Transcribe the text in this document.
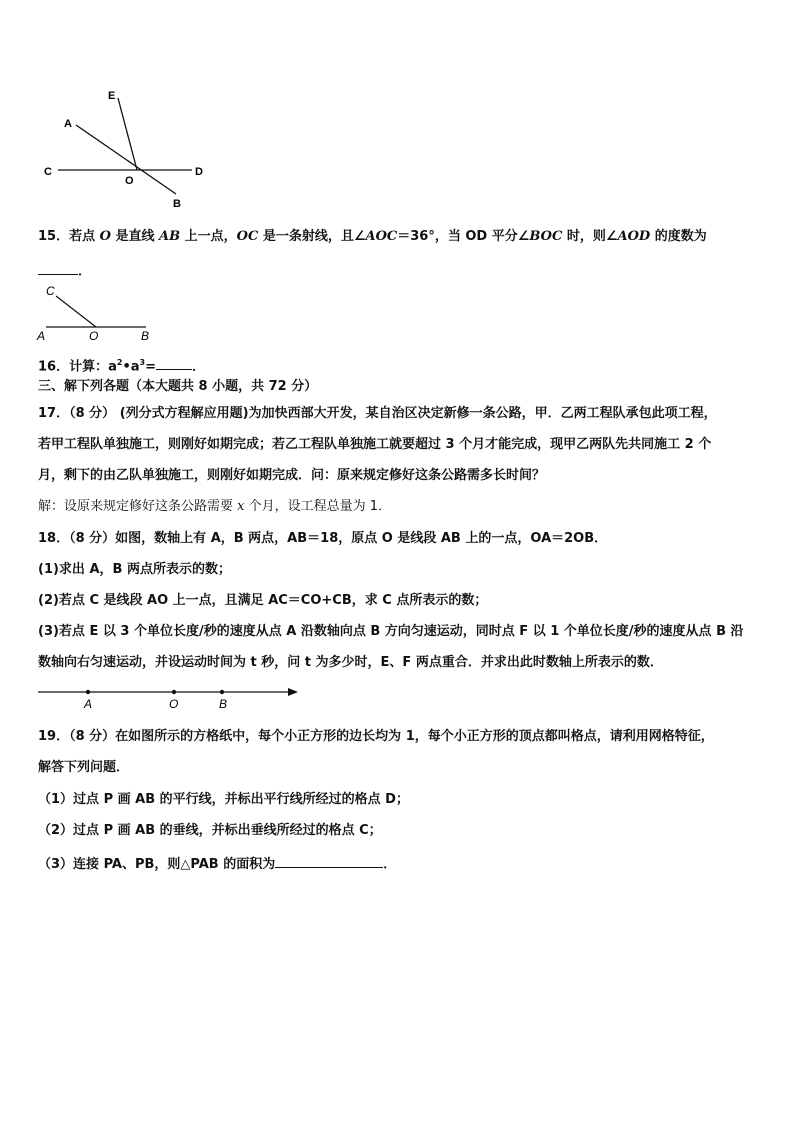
E
A
C
O
D
B
15．若点 O 是直线 AB 上一点，OC 是一条射线，且∠AOC＝36°，当 OD 平分∠BOC 时，则∠AOD 的度数为
．
C
A	O	B
16．计算：$a^2•a^3=$	．
三、解下列各题（本大题共 8 小题，共 72 分）
17．（8 分） (列分式方程解应用题)为加快西部大开发，某自治区决定新修一条公路，甲．乙两工程队承包此项工程，
若甲工程队单独施工，则刚好如期完成；若乙工程队单独施工就要超过 3 个月才能完成，现甲乙两队先共同施工 2 个
月，剩下的由乙队单独施工，则刚好如期完成．问：原来规定修好这条公路需多长时间？
解：设原来规定修好这条公路需要 x 个月，设工程总量为 1．
18．（8 分）如图，数轴上有 A，B 两点，AB＝18，原点 O 是线段 AB 上的一点，OA＝2OB．
(1)求出 A，B 两点所表示的数；
(2)若点 C 是线段 AO 上一点，且满足 AC＝CO+CB，求 C 点所表示的数；
(3)若点 E 以 3 个单位长度/秒的速度从点 A 沿数轴向点 B 方向匀速运动，同时点 F 以 1 个单位长度/秒的速度从点 B 沿
数轴向右匀速运动，并设运动时间为 t 秒，问 t 为多少时，E、F 两点重合．并求出此时数轴上所表示的数．
A	O	B
19．（8 分）在如图所示的方格纸中，每个小正方形的边长均为 1，每个小正方形的顶点都叫格点，请利用网格特征，
解答下列问题．
（1）过点 P 画 AB 的平行线，并标出平行线所经过的格点 D；
（2）过点 P 画 AB 的垂线，并标出垂线所经过的格点 C；
（3）连接 PA、PB，则△PAB 的面积为	．
